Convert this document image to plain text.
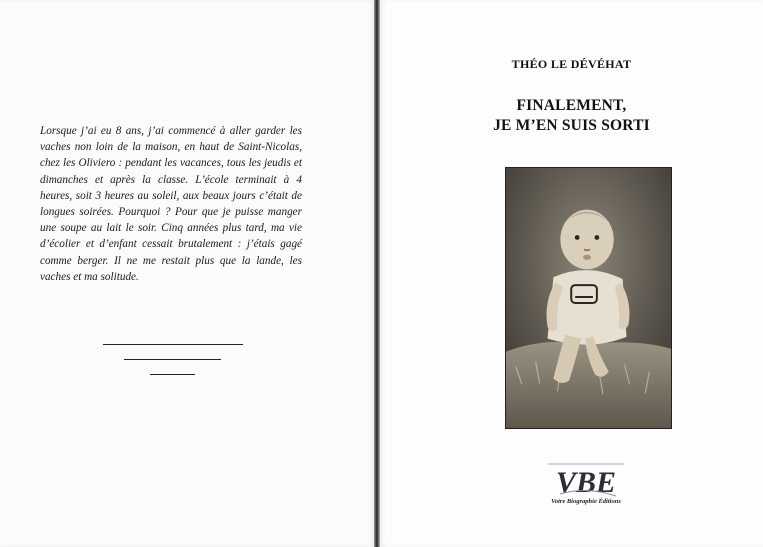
Lorsque j’ai eu 8 ans, j’ai commencé à aller garder les vaches non loin de la maison, en haut de Saint-Nicolas, chez les Oliviero : pendant les vacances, tous les jeudis et dimanches et après la classe. L’école terminait à 4 heures, soit 3 heures au soleil, aux beaux jours c’était de longues soirées. Pourquoi ? Pour que je puisse manger une soupe au lait le soir. Cinq années plus tard, ma vie d’écolier et d’enfant cessait brutalement : j’étais gagé comme berger. Il ne me restait plus que la lande, les vaches et ma solitude.

THÉO LE DÉVÉHAT
FINALEMENT,
JE M’EN SUIS SORTI
VBE
Votre Biographie Éditions
